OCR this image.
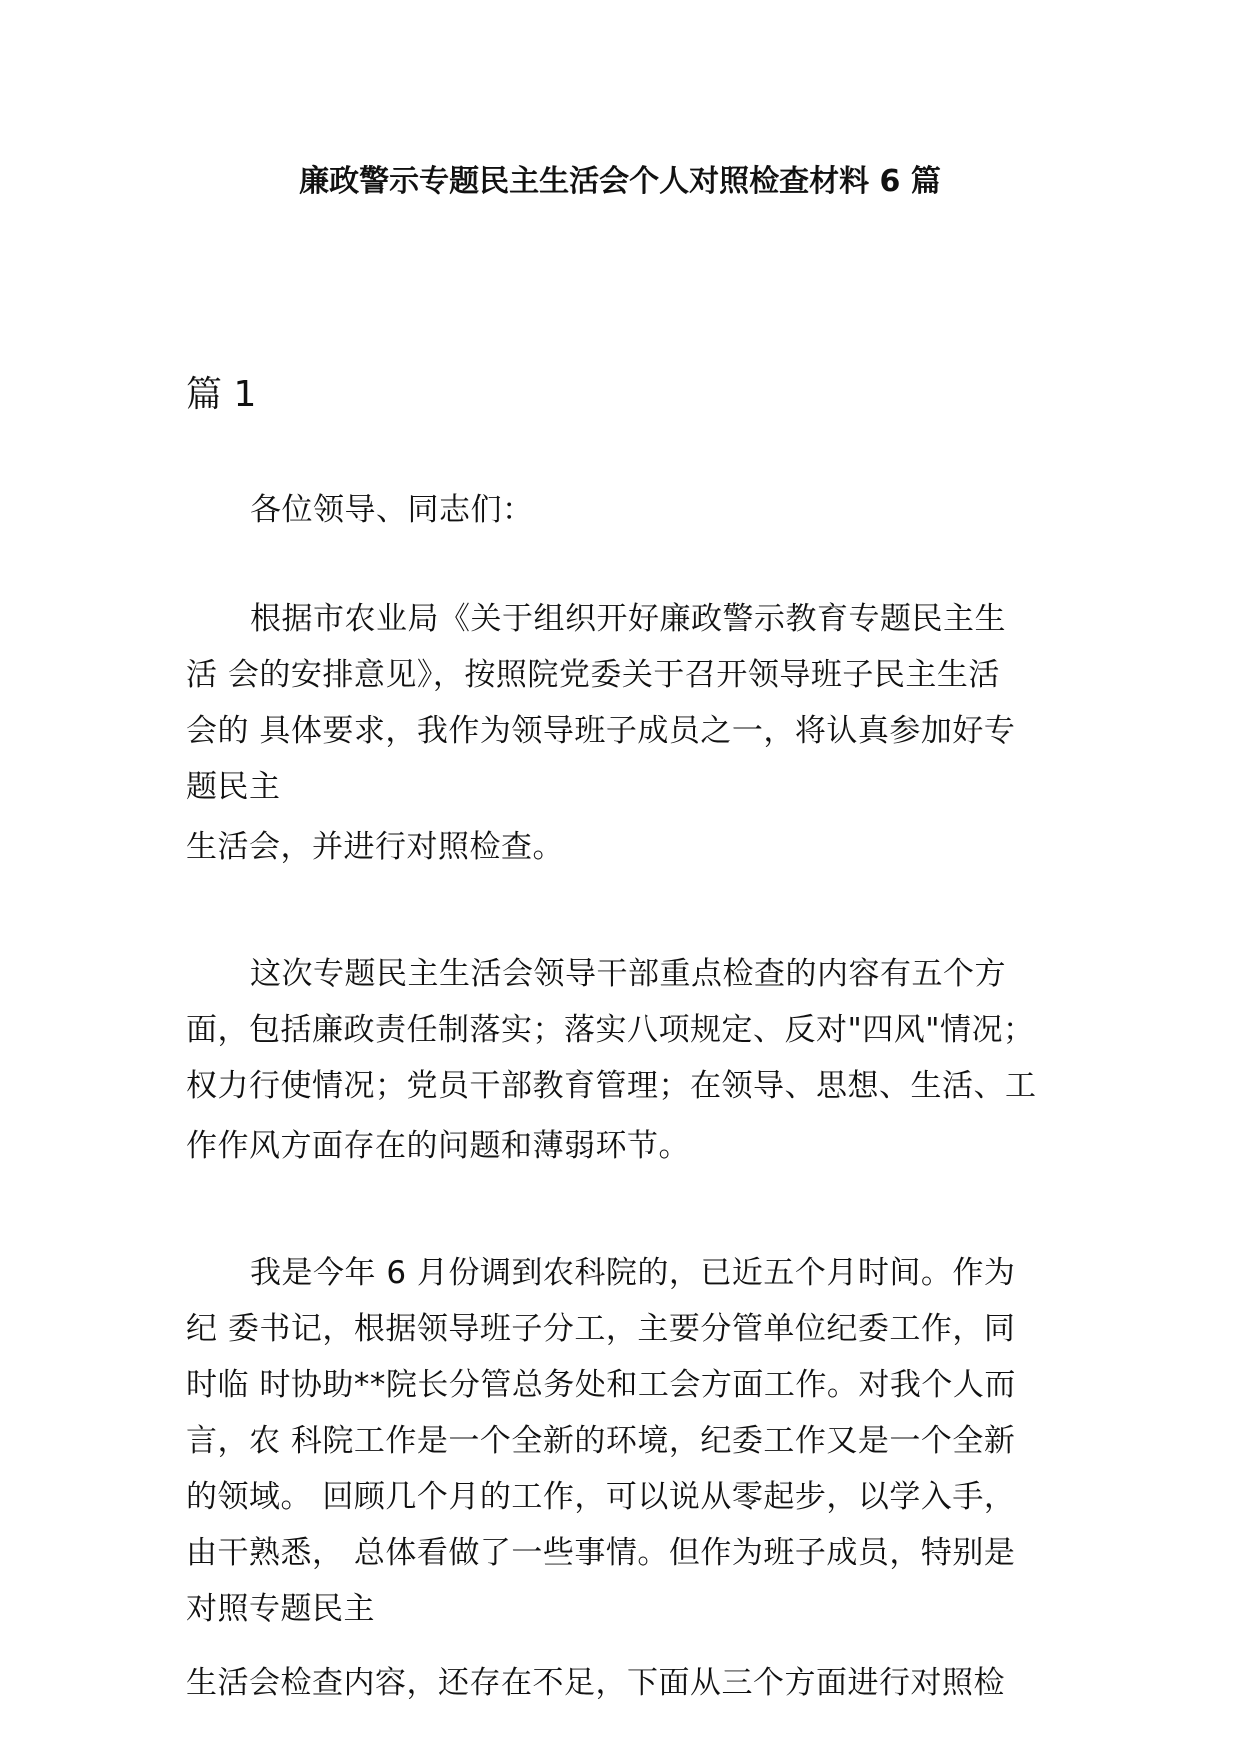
廉政警示专题民主生活会个人对照检查材料 6 篇
篇 1
各位领导、同志们：
根据市农业局《关于组织开好廉政警示教育专题民主生
活 会的安排意见》，按照院党委关于召开领导班子民主生活
会的 具体要求，我作为领导班子成员之一，将认真参加好专
题民主
生活会，并进行对照检查。
这次专题民主生活会领导干部重点检查的内容有五个方
面，包括廉政责任制落实；落实八项规定、反对"四风"情况；
权力行使情况；党员干部教育管理；在领导、思想、生活、工
作作风方面存在的问题和薄弱环节。
我是今年 6 月份调到农科院的，已近五个月时间。作为
纪 委书记，根据领导班子分工，主要分管单位纪委工作，同
时临 时协助**院长分管总务处和工会方面工作。对我个人而
言，农 科院工作是一个全新的环境，纪委工作又是一个全新
的领域。 回顾几个月的工作，可以说从零起步，以学入手，
由干熟悉， 总体看做了一些事情。但作为班子成员，特别是
对照专题民主
生活会检查内容，还存在不足，下面从三个方面进行对照检
